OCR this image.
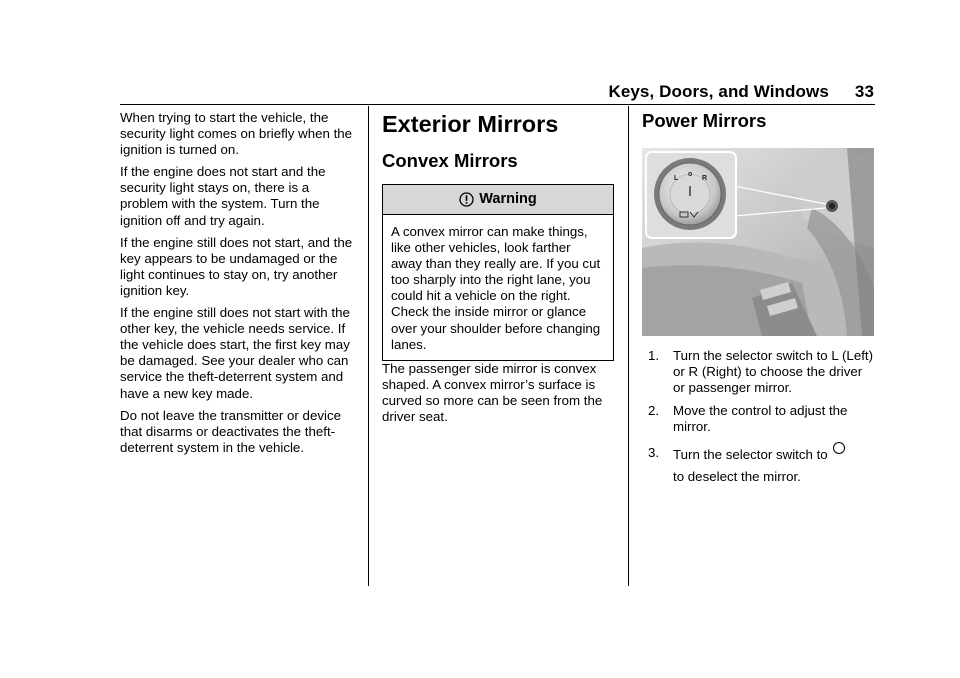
Keys, Doors, and Windows 33

When trying to start the vehicle, the security light comes on briefly when the ignition is turned on.

If the engine does not start and the security light stays on, there is a problem with the system. Turn the ignition off and try again.

If the engine still does not start, and the key appears to be undamaged or the light continues to stay on, try another ignition key.

If the engine still does not start with the other key, the vehicle needs service. If the vehicle does start, the first key may be damaged. See your dealer who can service the theft-deterrent system and have a new key made.

Do not leave the transmitter or device that disarms or deactivates the theft-deterrent system in the vehicle.

Exterior Mirrors
Convex Mirrors
Warning
A convex mirror can make things, like other vehicles, look farther away than they really are. If you cut too sharply into the right lane, you could hit a vehicle on the right. Check the inside mirror or glance over your shoulder before changing lanes.

The passenger side mirror is convex shaped. A convex mirror’s surface is curved so more can be seen from the driver seat.

Power Mirrors
L
o
R
1. Turn the selector switch to L (Left) or R (Right) to choose the driver or passenger mirror.
2. Move the control to adjust the mirror.
3. Turn the selector switch to
to deselect the mirror.
